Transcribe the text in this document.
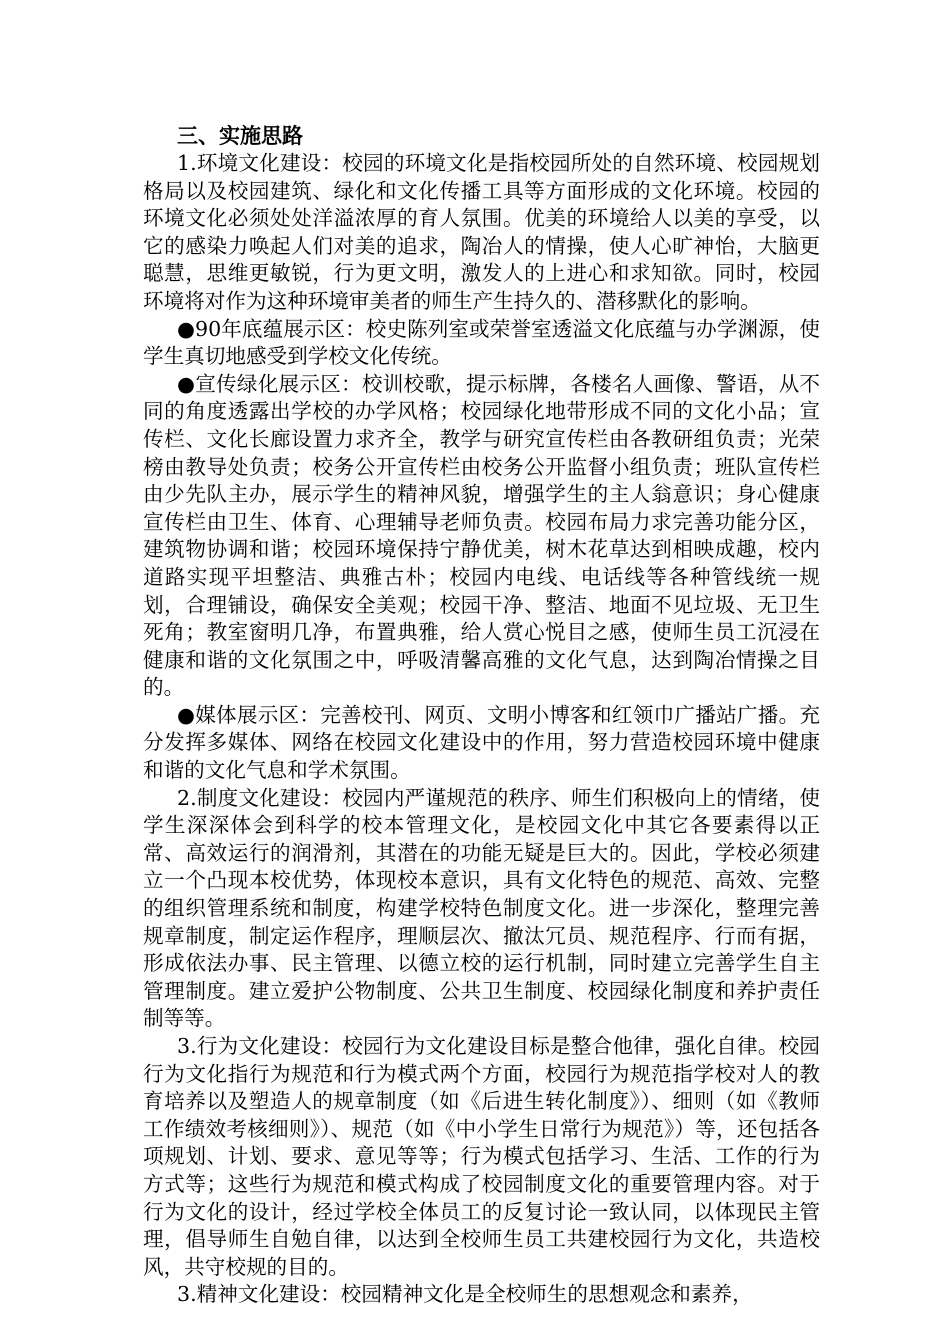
三、实施思路

1.环境文化建设：校园的环境文化是指校园所处的自然环境、校园规划格局以及校园建筑、绿化和文化传播工具等方面形成的文化环境。校园的环境文化必须处处洋溢浓厚的育人氛围。优美的环境给人以美的享受，以它的感染力唤起人们对美的追求，陶冶人的情操，使人心旷神怡，大脑更聪慧，思维更敏锐，行为更文明，激发人的上进心和求知欲。同时，校园环境将对作为这种环境审美者的师生产生持久的、潜移默化的影响。

●90年底蕴展示区：校史陈列室或荣誉室透溢文化底蕴与办学渊源，使学生真切地感受到学校文化传统。

●宣传绿化展示区：校训校歌，提示标牌，各楼名人画像、警语，从不同的角度透露出学校的办学风格；校园绿化地带形成不同的文化小品；宣传栏、文化长廊设置力求齐全，教学与研究宣传栏由各教研组负责；光荣榜由教导处负责；校务公开宣传栏由校务公开监督小组负责；班队宣传栏由少先队主办，展示学生的精神风貌，增强学生的主人翁意识；身心健康宣传栏由卫生、体育、心理辅导老师负责。校园布局力求完善功能分区，建筑物协调和谐；校园环境保持宁静优美，树木花草达到相映成趣，校内道路实现平坦整洁、典雅古朴；校园内电线、电话线等各种管线统一规划，合理铺设，确保安全美观；校园干净、整洁、地面不见垃圾、无卫生死角；教室窗明几净，布置典雅，给人赏心悦目之感，使师生员工沉浸在健康和谐的文化氛围之中，呼吸清馨高雅的文化气息，达到陶冶情操之目的。

●媒体展示区：完善校刊、网页、文明小博客和红领巾广播站广播。充分发挥多媒体、网络在校园文化建设中的作用，努力营造校园环境中健康和谐的文化气息和学术氛围。

2.制度文化建设：校园内严谨规范的秩序、师生们积极向上的情绪，使学生深深体会到科学的校本管理文化，是校园文化中其它各要素得以正常、高效运行的润滑剂，其潜在的功能无疑是巨大的。因此，学校必须建立一个凸现本校优势，体现校本意识，具有文化特色的规范、高效、完整的组织管理系统和制度，构建学校特色制度文化。进一步深化，整理完善规章制度，制定运作程序，理顺层次、撤汰冗员、规范程序、行而有据，形成依法办事、民主管理、以德立校的运行机制，同时建立完善学生自主管理制度。建立爱护公物制度、公共卫生制度、校园绿化制度和养护责任制等等。

3.行为文化建设：校园行为文化建设目标是整合他律，强化自律。校园行为文化指行为规范和行为模式两个方面，校园行为规范指学校对人的教育培养以及塑造人的规章制度（如《后进生转化制度》）、细则（如《教师工作绩效考核细则》）、规范（如《中小学生日常行为规范》）等，还包括各项规划、计划、要求、意见等等；行为模式包括学习、生活、工作的行为方式等；这些行为规范和模式构成了校园制度文化的重要管理内容。对于行为文化的设计，经过学校全体员工的反复讨论一致认同，以体现民主管理，倡导师生自勉自律，以达到全校师生员工共建校园行为文化，共造校风，共守校规的目的。

3.精神文化建设：校园精神文化是全校师生的思想观念和素养，
